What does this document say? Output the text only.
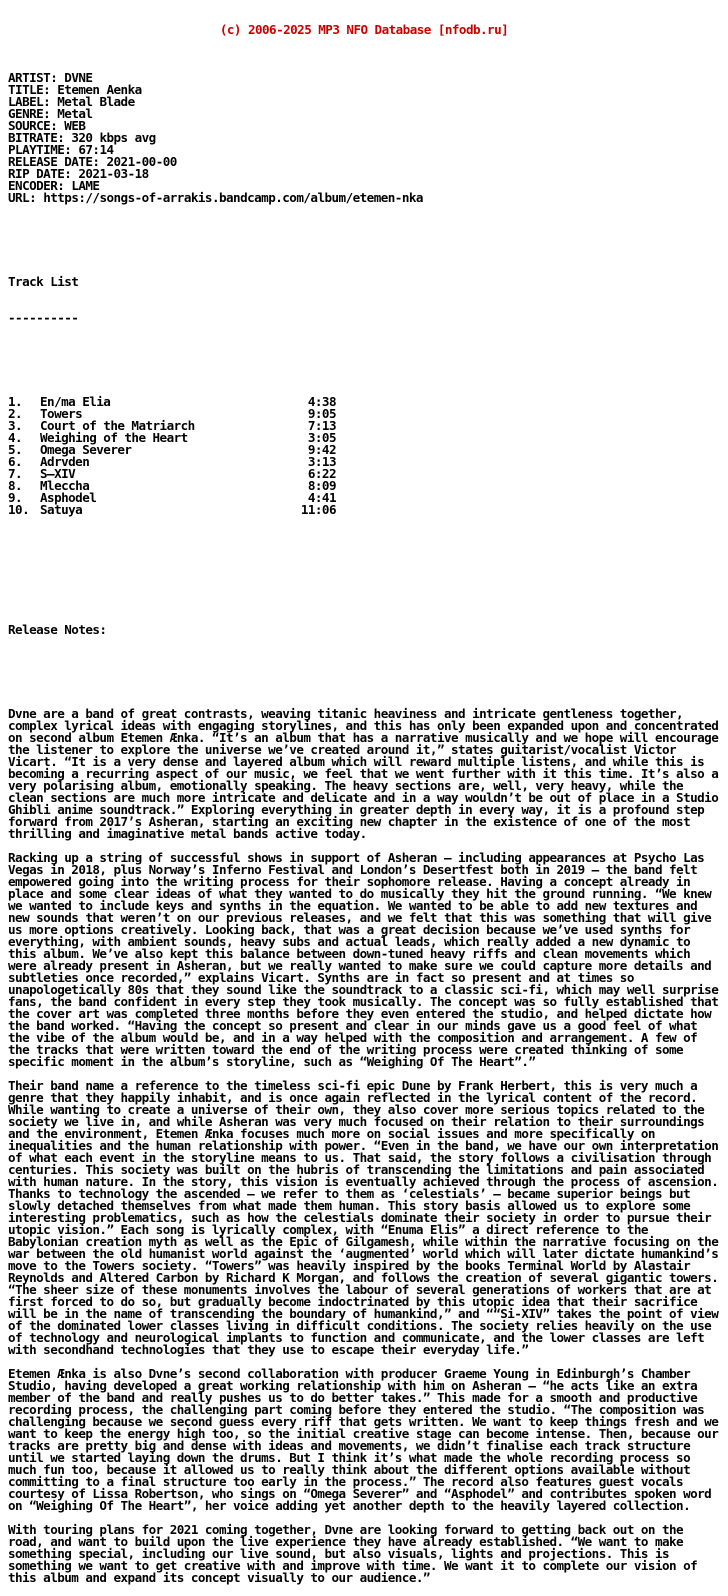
(c) 2006-2025 MP3 NFO Database [nfodb.ru]

ARTIST: DVNE
TITLE: Etemen Aenka
LABEL: Metal Blade
GENRE: Metal
SOURCE: WEB
BITRATE: 320 kbps avg
PLAYTIME: 67:14
RELEASE DATE: 2021-00-00
RIP DATE: 2021-03-18
ENCODER: LAME
URL: https://songs-of-arrakis.bandcamp.com/album/etemen-nka

Track List

----------

1. En/ma Elia	4:38
2. Towers	9:05
3. Court of the Matriarch	7:13
4. Weighing of the Heart	3:05
5. Omega Severer	9:42
6. Adrvden	3:13
7. S–XIV	6:22
8. Mleccha	8:09
9. Asphodel	4:41
10. Satuya	11:06

Release Notes:

Dvne are a band of great contrasts, weaving titanic heaviness and intricate gentleness together, complex lyrical ideas with engaging storylines, and this has only been expanded upon and concentrated on second album Etemen Ænka. “It’s an album that has a narrative musically and we hope will encourage the listener to explore the universe we’ve created around it,” states guitarist/vocalist Victor Vicart. “It is a very dense and layered album which will reward multiple listens, and while this is becoming a recurring aspect of our music, we feel that we went further with it this time. It’s also a very polarising album, emotionally speaking. The heavy sections are, well, very heavy, while the clean sections are much more intricate and delicate and in a way wouldn’t be out of place in a Studio Ghibli anime soundtrack.” Exploring everything in greater depth in every way, it is a profound step forward from 2017’s Asheran, starting an exciting new chapter in the existence of one of the most thrilling and imaginative metal bands active today.
Racking up a string of successful shows in support of Asheran – including appearances at Psycho Las Vegas in 2018, plus Norway’s Inferno Festival and London’s Desertfest both in 2019 – the band felt empowered going into the writing process for their sophomore release. Having a concept already in place and some clear ideas of what they wanted to do musically they hit the ground running. “We knew we wanted to include keys and synths in the equation. We wanted to be able to add new textures and new sounds that weren’t on our previous releases, and we felt that this was something that will give us more options creatively. Looking back, that was a great decision because we’ve used synths for everything, with ambient sounds, heavy subs and actual leads, which really added a new dynamic to this album. We’ve also kept this balance between down-tuned heavy riffs and clean movements which were already present in Asheran, but we really wanted to make sure we could capture more details and subtleties once recorded,” explains Vicart. Synths are in fact so present and at times so unapologetically 80s that they sound like the soundtrack to a classic sci-fi, which may well surprise fans, the band confident in every step they took musically. The concept was so fully established that the cover art was completed three months before they even entered the studio, and helped dictate how the band worked. “Having the concept so present and clear in our minds gave us a good feel of what the vibe of the album would be, and in a way helped with the composition and arrangement. A few of the tracks that were written toward the end of the writing process were created thinking of some specific moment in the album’s storyline, such as “Weighing Of The Heart”.”
Their band name a reference to the timeless sci-fi epic Dune by Frank Herbert, this is very much a genre that they happily inhabit, and is once again reflected in the lyrical content of the record. While wanting to create a universe of their own, they also cover more serious topics related to the society we live in, and while Asheran was very much focused on their relation to their surroundings and the environment, Etemen Ænka focuses much more on social issues and more specifically on inequalities and the human relationship with power. “Even in the band, we have our own interpretation of what each event in the storyline means to us. That said, the story follows a civilisation through centuries. This society was built on the hubris of transcending the limitations and pain associated with human nature. In the story, this vision is eventually achieved through the process of ascension. Thanks to technology the ascended – we refer to them as ‘celestials’ – became superior beings but slowly detached themselves from what made them human. This story basis allowed us to explore some interesting problematics, such as how the celestials dominate their society in order to pursue their utopic vision.” Each song is lyrically complex, with “Enuma Elis” a direct reference to the Babylonian creation myth as well as the Epic of Gilgamesh, while within the narrative focusing on the war between the old humanist world against the ‘augmented’ world which will later dictate humankind’s move to the Towers society. “Towers” was heavily inspired by the books Terminal World by Alastair Reynolds and Altered Carbon by Richard K Morgan, and follows the creation of several gigantic towers. “The sheer size of these monuments involves the labour of several generations of workers that are at first forced to do so, but gradually become indoctrinated by this utopic idea that their sacrifice will be in the name of transcending the boundary of humankind,” and ““Si-XIV” takes the point of view of the dominated lower classes living in difficult conditions. The society relies heavily on the use of technology and neurological implants to function and communicate, and the lower classes are left with secondhand technologies that they use to escape their everyday life.”
Etemen Ænka is also Dvne’s second collaboration with producer Graeme Young in Edinburgh’s Chamber Studio, having developed a great working relationship with him on Asheran – “he acts like an extra member of the band and really pushes us to do better takes.” This made for a smooth and productive recording process, the challenging part coming before they entered the studio. “The composition was challenging because we second guess every riff that gets written. We want to keep things fresh and we want to keep the energy high too, so the initial creative stage can become intense. Then, because our tracks are pretty big and dense with ideas and movements, we didn’t finalise each track structure until we started laying down the drums. But I think it’s what made the whole recording process so much fun too, because it allowed us to really think about the different options available without committing to a final structure too early in the process.” The record also features guest vocals courtesy of Lissa Robertson, who sings on “Omega Severer” and “Asphodel” and contributes spoken word on “Weighing Of The Heart”, her voice adding yet another depth to the heavily layered collection.
With touring plans for 2021 coming together, Dvne are looking forward to getting back out on the road, and want to build upon the live experience they have already established. “We want to make something special, including our live sound, but also visuals, lights and projections. This is something we want to get creative with and improve with time. We want it to complete our vision of this album and expand its concept visually to our audience.”
